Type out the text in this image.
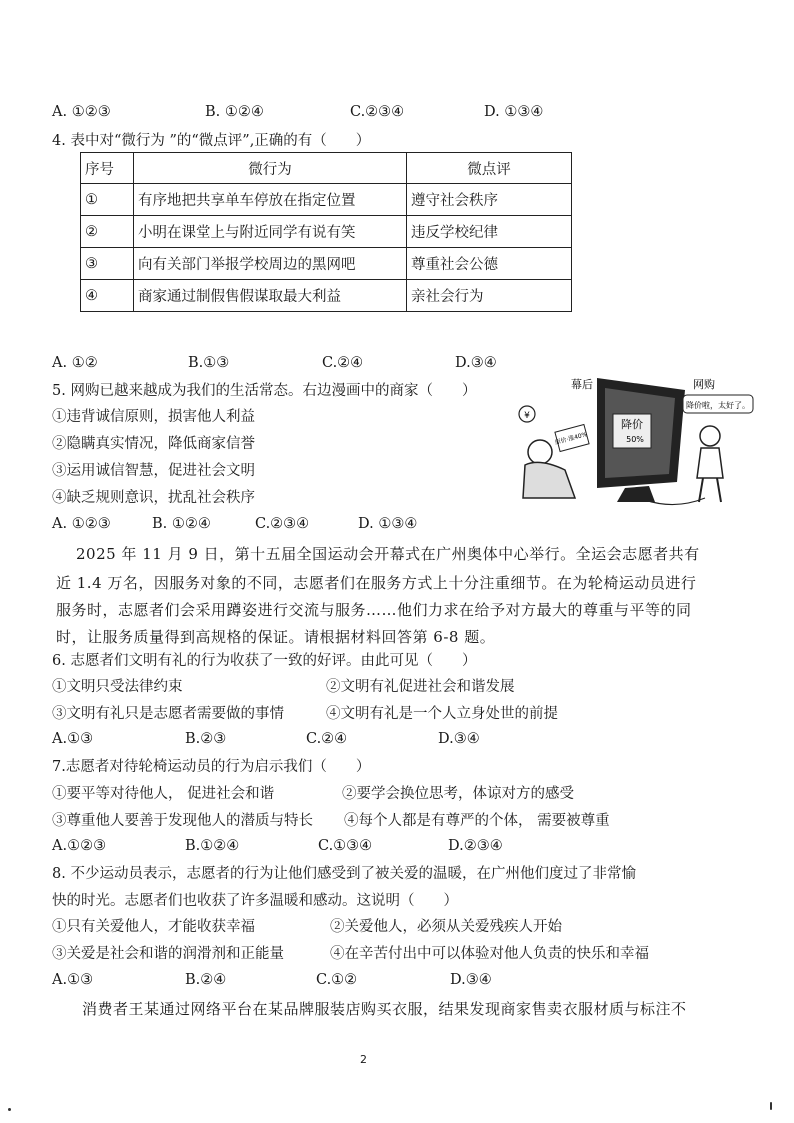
A. ①②③	B. ①②④	C.②③④	D. ①③④
4. 表中对“微行为 ”的“微点评”,正确的有（　　）
序号	微行为	微点评
①	有序地把共享单车停放在指定位置	遵守社会秩序
②	小明在课堂上与附近同学有说有笑	违反学校纪律
③	向有关部门举报学校周边的黑网吧	尊重社会公德
④	商家通过制假售假谋取最大利益	亲社会行为
A. ①②	B.①③	C.②④	D.③④
5. 网购已越来越成为我们的生活常态。右边漫画中的商家（　　）
①违背诚信原则，损害他人利益
②隐瞒真实情况，降低商家信誉
③运用诚信智慧，促进社会文明
④缺乏规则意识，扰乱社会秩序
A. ①②③	B. ①②④	C.②③④	D. ①③④
降价
50%
原价·涨40%
¥
幕后
降价啦，太好了。
网购
2025 年 11 月 9 日，第十五届全国运动会开幕式在广州奥体中心举行。全运会志愿者共有
近 1.4 万名，因服务对象的不同，志愿者们在服务方式上十分注重细节。在为轮椅运动员进行
服务时，志愿者们会采用蹲姿进行交流与服务……他们力求在给予对方最大的尊重与平等的同
时，让服务质量得到高规格的保证。请根据材料回答第 6-8 题。
6. 志愿者们文明有礼的行为收获了一致的好评。由此可见（　　）
①文明只受法律约束	②文明有礼促进社会和谐发展
③文明有礼只是志愿者需要做的事情	④文明有礼是一个人立身处世的前提
A.①③	B.②③	C.②④	D.③④
7.志愿者对待轮椅运动员的行为启示我们（　　）
①要平等对待他人， 促进社会和谐	②要学会换位思考，体谅对方的感受
③尊重他人要善于发现他人的潜质与特长 ④每个人都是有尊严的个体， 需要被尊重
A.①②③	B.①②④	C.①③④	D.②③④
8. 不少运动员表示，志愿者的行为让他们感受到了被关爱的温暖，在广州他们度过了非常愉
快的时光。志愿者们也收获了许多温暖和感动。这说明（　　）
①只有关爱他人，才能收获幸福	②关爱他人，必须从关爱残疾人开始
③关爱是社会和谐的润滑剂和正能量	④在辛苦付出中可以体验对他人负责的快乐和幸福
A.①③	B.②④	C.①②	D.③④
消费者王某通过网络平台在某品牌服装店购买衣服，结果发现商家售卖衣服材质与标注不
2
